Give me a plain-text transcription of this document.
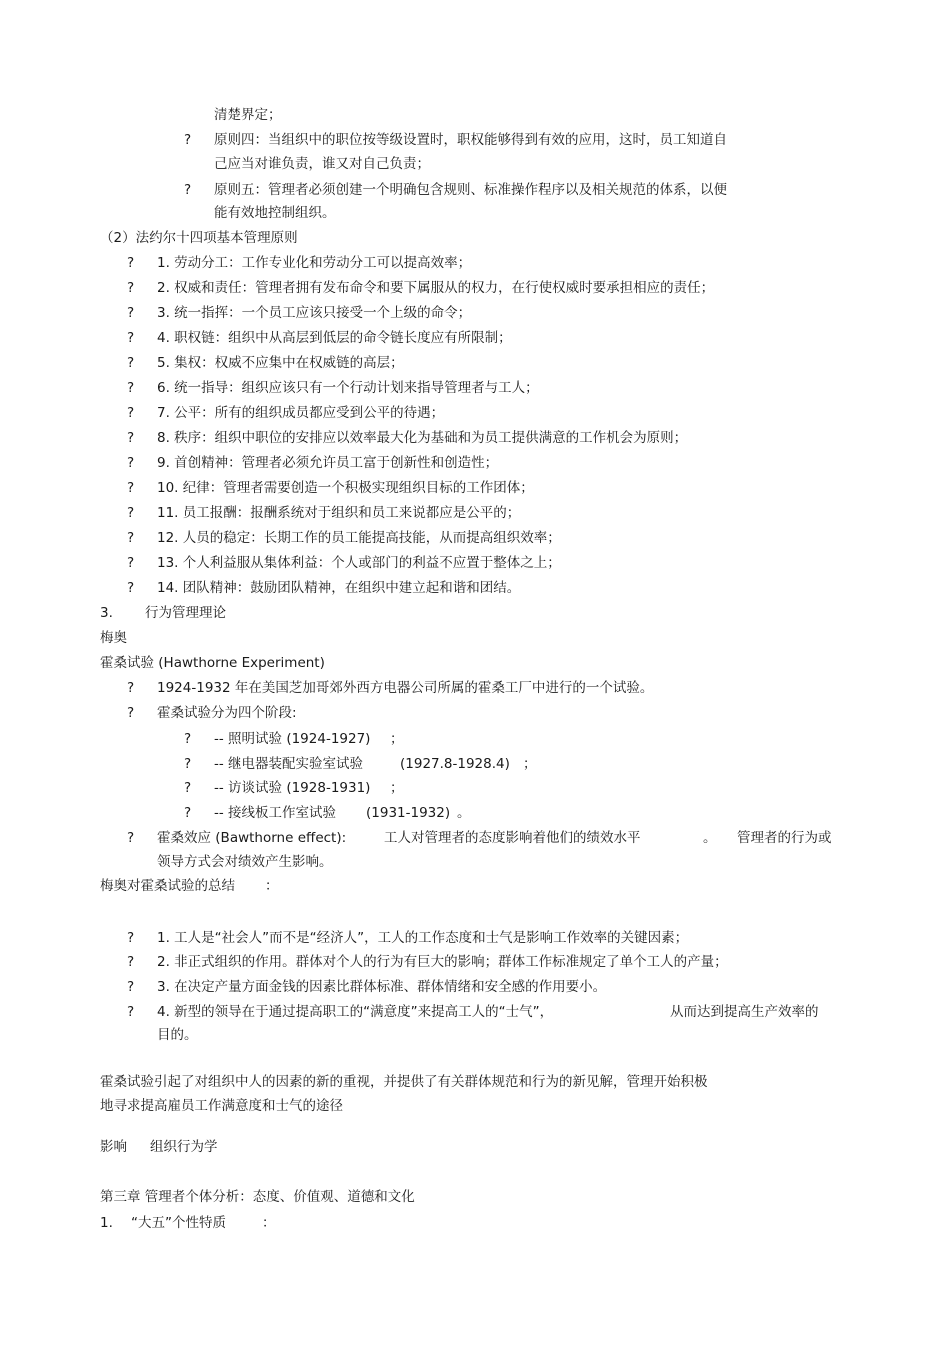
清楚界定；
? 原则四：当组织中的职位按等级设置时，职权能够得到有效的应用，这时，员工知道自
己应当对谁负责，谁又对自己负责；
? 原则五：管理者必须创建一个明确包含规则、标准操作程序以及相关规范的体系，以便
能有效地控制组织。
（2）法约尔十四项基本管理原则
? 1. 劳动分工：工作专业化和劳动分工可以提高效率；
? 2. 权威和责任：管理者拥有发布命令和要下属服从的权力，在行使权威时要承担相应的责任；
? 3. 统一指挥：一个员工应该只接受一个上级的命令；
? 4. 职权链：组织中从高层到低层的命令链长度应有所限制；
? 5. 集权：权威不应集中在权威链的高层；
? 6. 统一指导：组织应该只有一个行动计划来指导管理者与工人；
? 7. 公平：所有的组织成员都应受到公平的待遇；
? 8. 秩序：组织中职位的安排应以效率最大化为基础和为员工提供满意的工作机会为原则；
? 9. 首创精神：管理者必须允许员工富于创新性和创造性；
? 10. 纪律：管理者需要创造一个积极实现组织目标的工作团体；
? 11. 员工报酬：报酬系统对于组织和员工来说都应是公平的；
? 12. 人员的稳定：长期工作的员工能提高技能，从而提高组织效率；
? 13. 个人利益服从集体利益：个人或部门的利益不应置于整体之上；
? 14. 团队精神：鼓励团队精神，在组织中建立起和谐和团结。
3. 行为管理理论
梅奥
霍桑试验 (Hawthorne Experiment)
? 1924-1932 年在美国芝加哥郊外西方电器公司所属的霍桑工厂中进行的一个试验。
? 霍桑试验分为四个阶段:
? -- 照明试验 (1924-1927) ；
? -- 继电器装配实验室试验	(1927.8-1928.4) ；
? -- 访谈试验 (1928-1931) ；
? -- 接线板工作室试验 (1931-1932) 。
? 霍桑效应 (Bawthorne effect):	工人对管理者的态度影响着他们的绩效水平	。 管理者的行为或
领导方式会对绩效产生影响。
梅奥对霍桑试验的总结 ：
? 1. 工人是“社会人”而不是“经济人”，工人的工作态度和士气是影响工作效率的关键因素；
? 2. 非正式组织的作用。群体对个人的行为有巨大的影响；群体工作标准规定了单个工人的产量；
? 3. 在决定产量方面金钱的因素比群体标准、群体情绪和安全感的作用要小。
? 4. 新型的领导在于通过提高职工的“满意度”来提高工人的“士气”，	从而达到提高生产效率的
目的。
霍桑试验引起了对组织中人的因素的新的重视，并提供了有关群体规范和行为的新见解，管理开始积极
地寻求提高雇员工作满意度和士气的途径
影响 组织行为学
第三章 管理者个体分析：态度、价值观、道德和文化
1. “大五”个性特质	：
